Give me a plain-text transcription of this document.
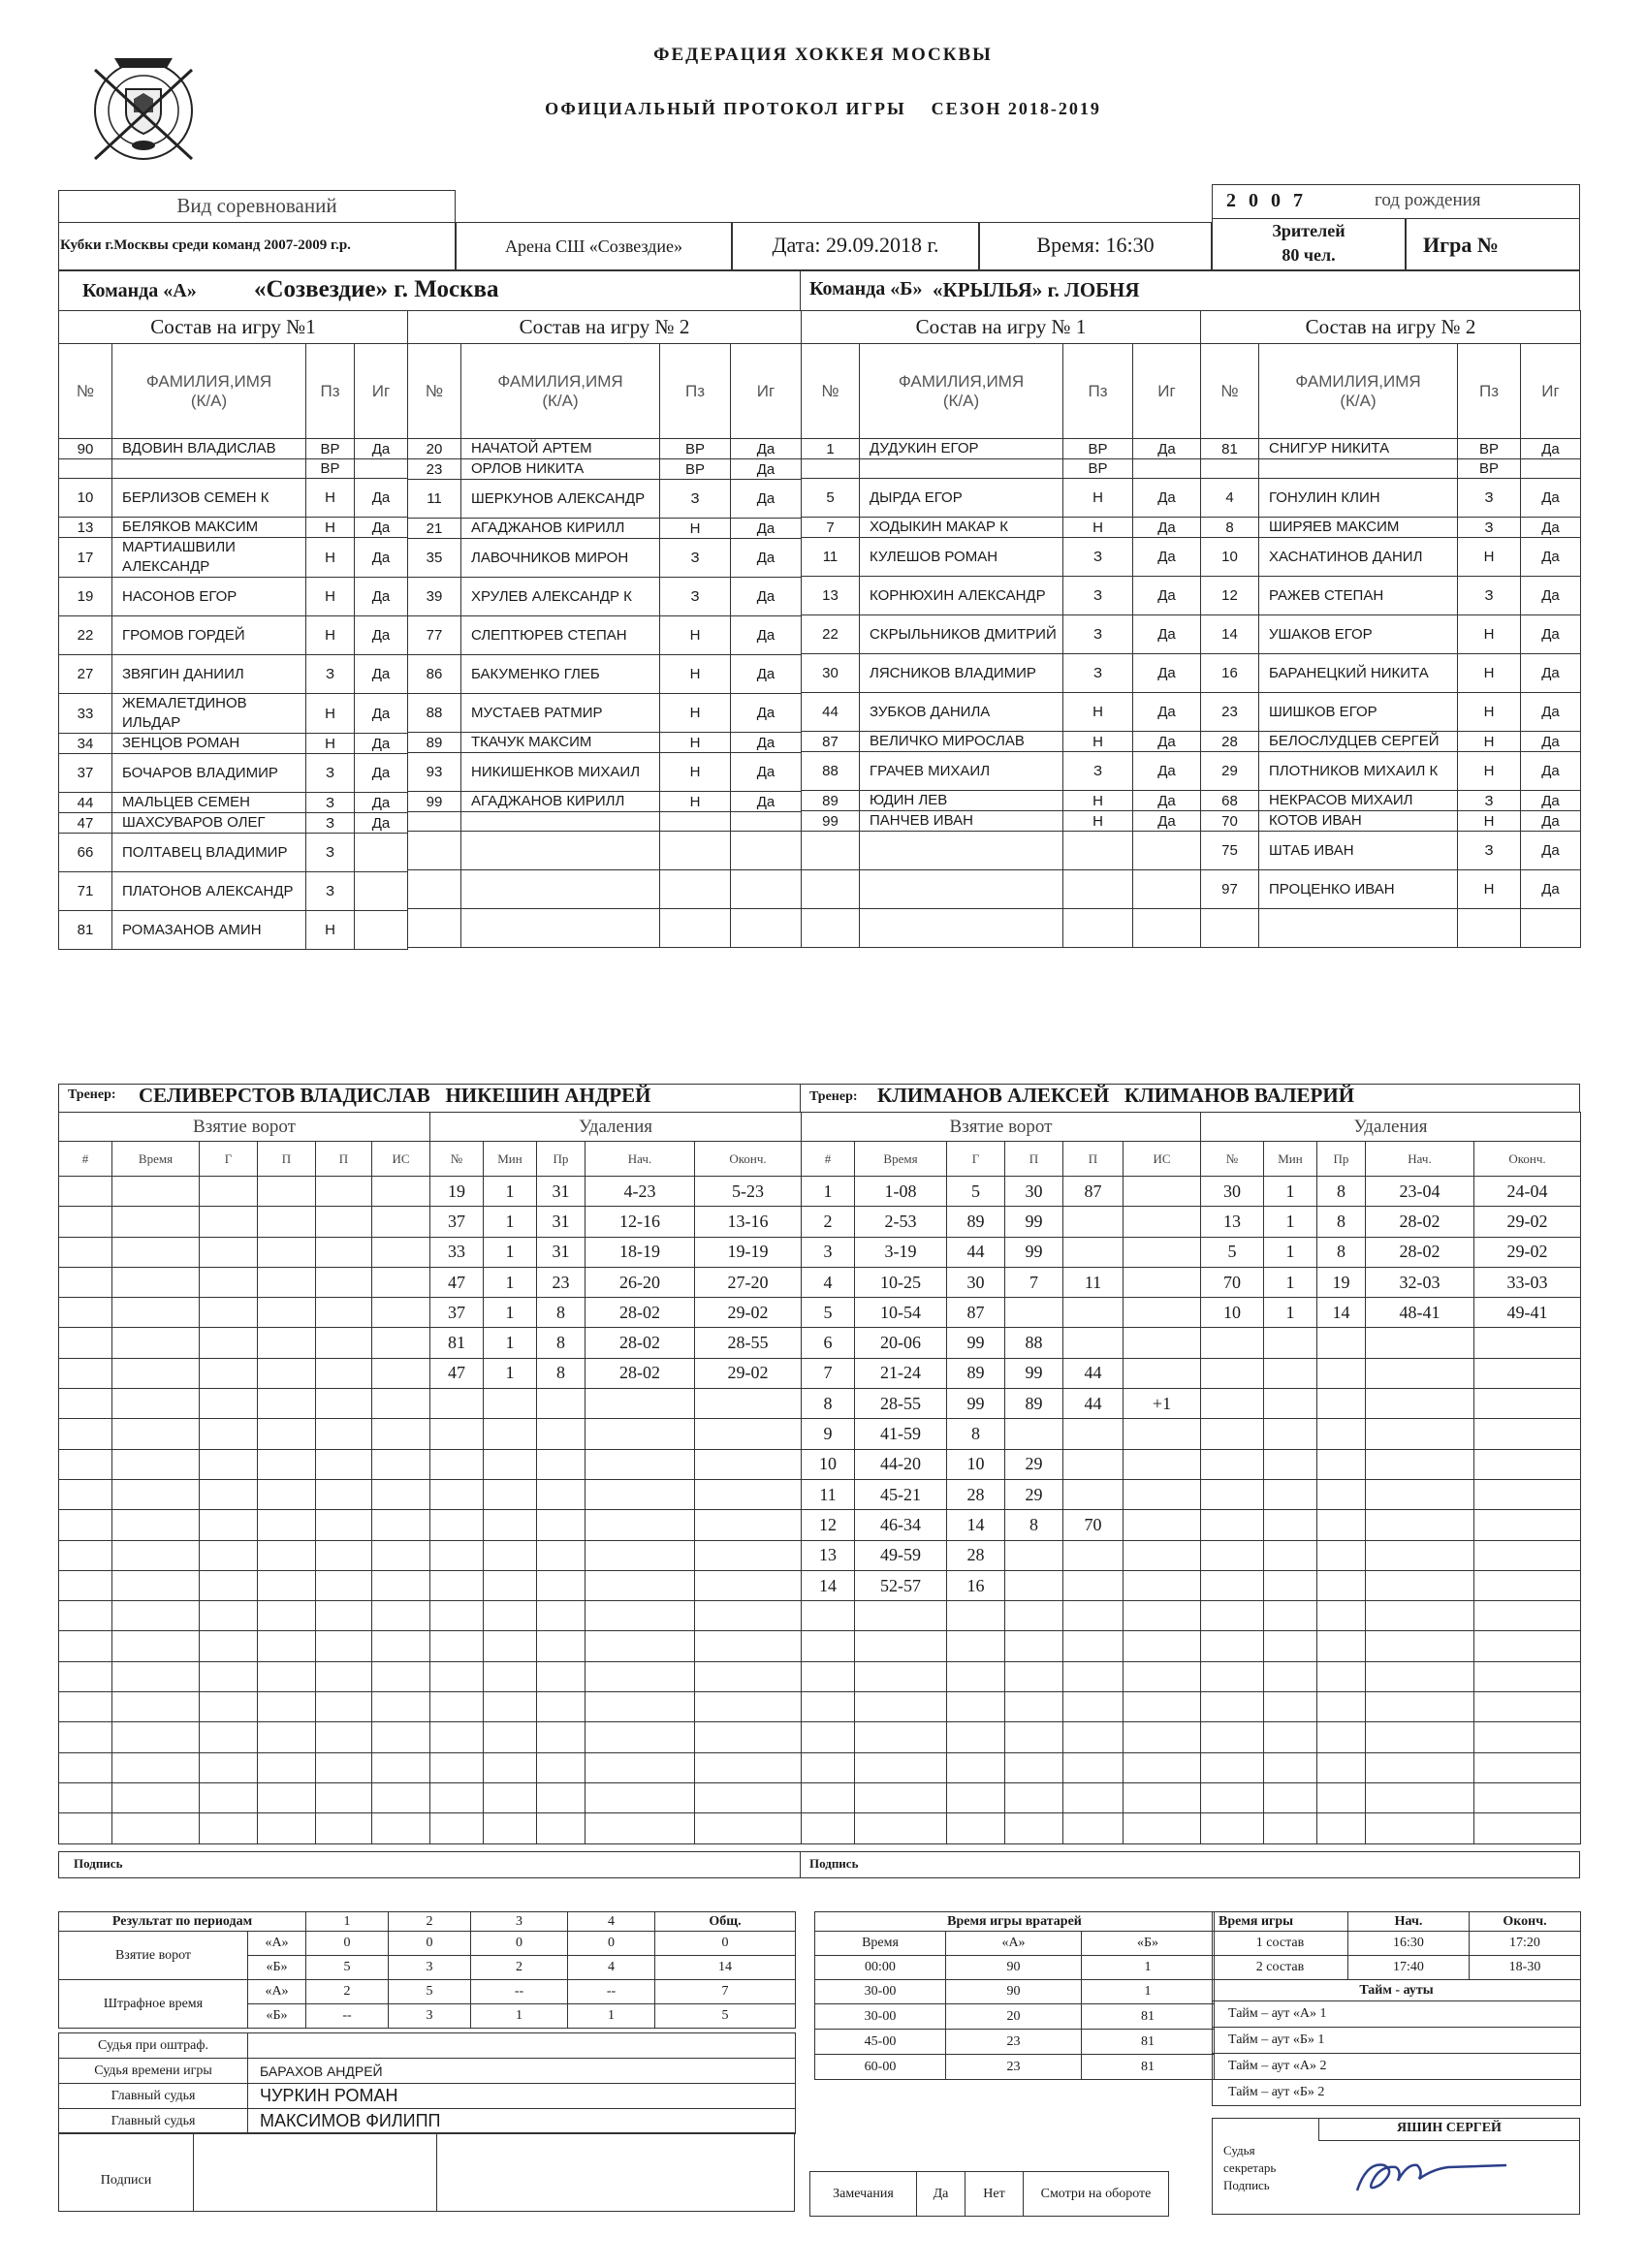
ФЕДЕРАЦИЯ ХОККЕЯ МОСКВЫ
ОФИЦИАЛЬНЫЙ ПРОТОКОЛ ИГРЫ    СЕЗОН 2018-2019
Вид соревнований
Кубки г.Москвы среди команд 2007-2009 г.р.	Арена СШ «Созвездие»	Дата: 29.09.2018 г.	Время: 16:30
2 0 0 7	год рождения
Зрителей
80 чел.	Игра №
Команда «А» «Созвездие» г. Москва	Команда «Б» «КРЫЛЬЯ» г. ЛОБНЯ
Состав на игру №1			
№	ФАМИЛИЯ,ИМЯ
(К/А)	Пз	Иг
90	ВДОВИН ВЛАДИСЛАВ	ВР	Да
		ВР	
10	БЕРЛИЗОВ СЕМЕН К	Н	Да
13	БЕЛЯКОВ МАКСИМ	Н	Да
17	МАРТИАШВИЛИ АЛЕКСАНДР	Н	Да
19	НАСОНОВ ЕГОР	Н	Да
22	ГРОМОВ ГОРДЕЙ	Н	Да
27	ЗВЯГИН ДАНИИЛ	З	Да
33	ЖЕМАЛЕТДИНОВ ИЛЬДАР	Н	Да
34	ЗЕНЦОВ РОМАН	Н	Да
37	БОЧАРОВ ВЛАДИМИР	З	Да
44	МАЛЬЦЕВ СЕМЕН	З	Да
47	ШАХСУВАРОВ ОЛЕГ	З	Да
66	ПОЛТАВЕЦ ВЛАДИМИР	З	
71	ПЛАТОНОВ АЛЕКСАНДР	З	
81	РОМАЗАНОВ АМИН	Н	
Состав на игру № 2			
№	ФАМИЛИЯ,ИМЯ
(К/А)	Пз	Иг
20	НАЧАТОЙ АРТЕМ	ВР	Да
23	ОРЛОВ НИКИТА	ВР	Да
11	ШЕРКУНОВ АЛЕКСАНДР	З	Да
21	АГАДЖАНОВ КИРИЛЛ	Н	Да
35	ЛАВОЧНИКОВ МИРОН	З	Да
39	ХРУЛЕВ АЛЕКСАНДР К	З	Да
77	СЛЕПТЮРЕВ СТЕПАН	Н	Да
86	БАКУМЕНКО ГЛЕБ	Н	Да
88	МУСТАЕВ РАТМИР	Н	Да
89	ТКАЧУК МАКСИМ	Н	Да
93	НИКИШЕНКОВ МИХАИЛ	Н	Да
99	АГАДЖАНОВ КИРИЛЛ	Н	Да

Состав на игру № 1			
№	ФАМИЛИЯ,ИМЯ
(К/А)	Пз	Иг
1	ДУДУКИН ЕГОР	ВР	Да
		ВР	
5	ДЫРДА ЕГОР	Н	Да
7	ХОДЫКИН МАКАР К	Н	Да
11	КУЛЕШОВ РОМАН	З	Да
13	КОРНЮХИН АЛЕКСАНДР	З	Да
22	СКРЫЛЬНИКОВ ДМИТРИЙ	З	Да
30	ЛЯСНИКОВ ВЛАДИМИР	З	Да
44	ЗУБКОВ ДАНИЛА	Н	Да
87	ВЕЛИЧКО МИРОСЛАВ	Н	Да
88	ГРАЧЕВ МИХАИЛ	З	Да
89	ЮДИН ЛЕВ	Н	Да
99	ПАНЧЕВ ИВАН	Н	Да

Состав на игру № 2			
№	ФАМИЛИЯ,ИМЯ
(К/А)	Пз	Иг
81	СНИГУР НИКИТА	ВР	Да
		ВР	
4	ГОНУЛИН КЛИН	З	Да
8	ШИРЯЕВ МАКСИМ	З	Да
10	ХАСНАТИНОВ ДАНИЛ	Н	Да
12	РАЖЕВ СТЕПАН	З	Да
14	УШАКОВ ЕГОР	Н	Да
16	БАРАНЕЦКИЙ НИКИТА	Н	Да
23	ШИШКОВ ЕГОР	Н	Да
28	БЕЛОСЛУДЦЕВ СЕРГЕЙ	Н	Да
29	ПЛОТНИКОВ МИХАИЛ К	Н	Да
68	НЕКРАСОВ МИХАИЛ	З	Да
70	КОТОВ ИВАН	Н	Да
75	ШТАБ ИВАН	З	Да
97	ПРОЦЕНКО ИВАН	Н	Да

Тренер: СЕЛИВЕРСТОВ ВЛАДИСЛАВ   НИКЕШИН АНДРЕЙ	Тренер: КЛИМАНОВ АЛЕКСЕЙ   КЛИМАНОВ ВАЛЕРИЙ
Взятие ворот					
#	Время	Г	П	П	ИС

Удаления				
№	Мин	Пр	Нач.	Оконч.
19	1	31	4-23	5-23
37	1	31	12-16	13-16
33	1	31	18-19	19-19
47	1	23	26-20	27-20
37	1	8	28-02	29-02
81	1	8	28-02	28-55
47	1	8	28-02	29-02

Взятие ворот					
#	Время	Г	П	П	ИС
1	1-08	5	30	87	
2	2-53	89	99		
3	3-19	44	99		
4	10-25	30	7	11	
5	10-54	87			
6	20-06	99	88		
7	21-24	89	99	44	
8	28-55	99	89	44	+1
9	41-59	8			
10	44-20	10	29		
11	45-21	28	29		
12	46-34	14	8	70	
13	49-59	28			
14	52-57	16			

Удаления				
№	Мин	Пр	Нач.	Оконч.
30	1	8	23-04	24-04
13	1	8	28-02	29-02
5	1	8	28-02	29-02
70	1	19	32-03	33-03
10	1	14	48-41	49-41

Подпись	Подпись
Результат по периодам		1	2	3	4	Общ.
Взятие ворот	«А»	0	0	0	0	0
	«Б»	5	3	2	4	14
Штрафное время	«А»	2	5	--	--	7
	«Б»	--	3	1	1	5
Судья при оштраф.	
Судья времени игры	БАРАХОВ АНДРЕЙ
Главный судья	ЧУРКИН РОМАН
Главный судья	МАКСИМОВ ФИЛИПП
Подписи
Время игры вратарей		
Время	«А»	«Б»
00:00	90	1
30-00	90	1
30-00	20	81
45-00	23	81
60-00	23	81
Замечания	Да	Нет	Смотри на обороте
Время игры	Нач.	Оконч.
1 состав	16:30	17:20
2 состав	17:40	18-30
Тайм - ауты		
Тайм – аут «А» 1		
Тайм – аут «Б» 1		
Тайм – аут «А» 2		
Тайм – аут «Б» 2		
ЯШИН СЕРГЕЙ
Судья
секретарь
Подпись
